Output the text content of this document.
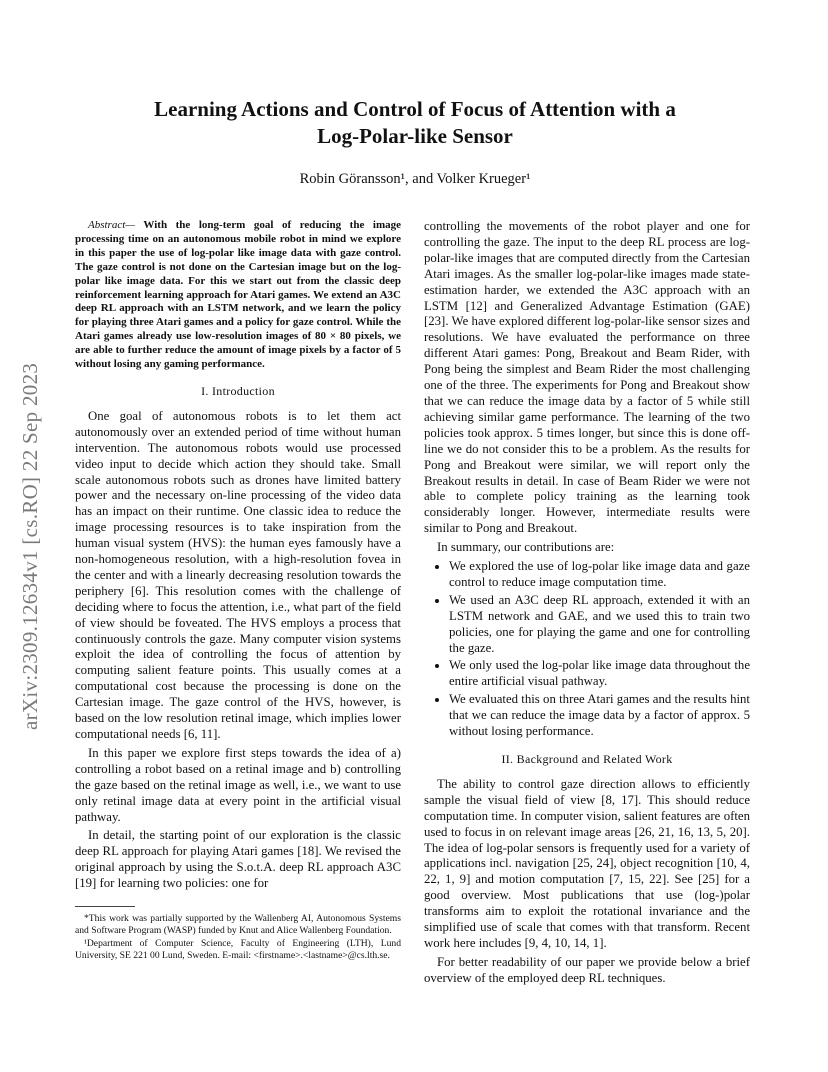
arXiv:2309.12634v1 [cs.RO] 22 Sep 2023
Learning Actions and Control of Focus of Attention with a
Log-Polar-like Sensor
Robin Göransson¹, and Volker Krueger¹

Abstract— With the long-term goal of reducing the image processing time on an autonomous mobile robot in mind we explore in this paper the use of log-polar like image data with gaze control. The gaze control is not done on the Cartesian image but on the log-polar like image data. For this we start out from the classic deep reinforcement learning approach for Atari games. We extend an A3C deep RL approach with an LSTM network, and we learn the policy for playing three Atari games and a policy for gaze control. While the Atari games already use low-resolution images of 80 × 80 pixels, we are able to further reduce the amount of image pixels by a factor of 5 without losing any gaming performance.

I. Introduction

One goal of autonomous robots is to let them act autonomously over an extended period of time without human intervention. The autonomous robots would use processed video input to decide which action they should take. Small scale autonomous robots such as drones have limited battery power and the necessary on-line processing of the video data has an impact on their runtime. One classic idea to reduce the image processing resources is to take inspiration from the human visual system (HVS): the human eyes famously have a non-homogeneous resolution, with a high-resolution fovea in the center and with a linearly decreasing resolution towards the periphery [6]. This resolution comes with the challenge of deciding where to focus the attention, i.e., what part of the field of view should be foveated. The HVS employs a process that continuously controls the gaze. Many computer vision systems exploit the idea of controlling the focus of attention by computing salient feature points. This usually comes at a computational cost because the processing is done on the Cartesian image. The gaze control of the HVS, however, is based on the low resolution retinal image, which implies lower computational needs [6, 11].

In this paper we explore first steps towards the idea of a) controlling a robot based on a retinal image and b) controlling the gaze based on the retinal image as well, i.e., we want to use only retinal image data at every point in the artificial visual pathway.

In detail, the starting point of our exploration is the classic deep RL approach for playing Atari games [18]. We revised the original approach by using the S.o.t.A. deep RL approach A3C [19] for learning two policies: one for

*This work was partially supported by the Wallenberg AI, Autonomous Systems and Software Program (WASP) funded by Knut and Alice Wallenberg Foundation.

¹Department of Computer Science, Faculty of Engineering (LTH), Lund University, SE 221 00 Lund, Sweden. E-mail: <firstname>.<lastname>@cs.lth.se.

controlling the movements of the robot player and one for controlling the gaze. The input to the deep RL process are log-polar-like images that are computed directly from the Cartesian Atari images. As the smaller log-polar-like images made state-estimation harder, we extended the A3C approach with an LSTM [12] and Generalized Advantage Estimation (GAE) [23]. We have explored different log-polar-like sensor sizes and resolutions. We have evaluated the performance on three different Atari games: Pong, Breakout and Beam Rider, with Pong being the simplest and Beam Rider the most challenging one of the three. The experiments for Pong and Breakout show that we can reduce the image data by a factor of 5 while still achieving similar game performance. The learning of the two policies took approx. 5 times longer, but since this is done off-line we do not consider this to be a problem. As the results for Pong and Breakout were similar, we will report only the Breakout results in detail. In case of Beam Rider we were not able to complete policy training as the learning took considerably longer. However, intermediate results were similar to Pong and Breakout.

In summary, our contributions are:

• We explored the use of log-polar like image data and gaze control to reduce image computation time.
• We used an A3C deep RL approach, extended it with an LSTM network and GAE, and we used this to train two policies, one for playing the game and one for controlling the gaze.
• We only used the log-polar like image data throughout the entire artificial visual pathway.
• We evaluated this on three Atari games and the results hint that we can reduce the image data by a factor of approx. 5 without losing performance.
II. Background and Related Work

The ability to control gaze direction allows to efficiently sample the visual field of view [8, 17]. This should reduce computation time. In computer vision, salient features are often used to focus in on relevant image areas [26, 21, 16, 13, 5, 20]. The idea of log-polar sensors is frequently used for a variety of applications incl. navigation [25, 24], object recognition [10, 4, 22, 1, 9] and motion computation [7, 15, 22]. See [25] for a good overview. Most publications that use (log-)polar transforms aim to exploit the rotational invariance and the simplified use of scale that comes with that transform. Recent work here includes [9, 4, 10, 14, 1].

For better readability of our paper we provide below a brief overview of the employed deep RL techniques.
